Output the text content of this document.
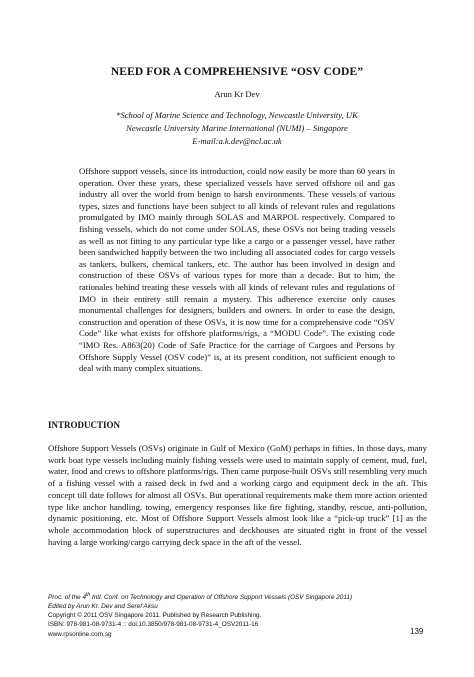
NEED FOR A COMPREHENSIVE “OSV CODE”
Arun Kr Dev
*School of Marine Science and Technology, Newcastle University, UK
Newcastle University Marine International (NUMI) – Singapore
E-mail:a.k.dev@ncl.ac.uk

Offshore support vessels, since its introduction, could now easily be more than 60 years in operation. Over these years, these specialized vessels have served offshore oil and gas industry all over the world from benign to harsh environments. These vessels of various types, sizes and functions have been subject to all kinds of relevant rules and regulations promulgated by IMO mainly through SOLAS and MARPOL respectively. Compared to fishing vessels, which do not come under SOLAS, these OSVs not being trading vessels as well as not fitting to any particular type like a cargo or a passenger vessel, have rather been sandwiched happily between the two including all associated codes for cargo vessels as tankers, bulkers, chemical tankers, etc. The author has been involved in design and construction of these OSVs of various types for more than a decade. But to him, the rationales behind treating these vessels with all kinds of relevant rules and regulations of IMO in their entirety still remain a mystery. This adherence exercise only causes monumental challenges for designers, builders and owners. In order to ease the design, construction and operation of these OSVs, it is now time for a comprehensive code “OSV Code” like what exists for offshore platforms/rigs, a “MODU Code”. The existing code “IMO Res. A863(20) Code of Safe Practice for the carriage of Cargoes and Persons by Offshore Supply Vessel (OSV code)” is, at its present condition, not sufficient enough to deal with many complex situations.

INTRODUCTION

Offshore Support Vessels (OSVs) originate in Gulf of Mexico (GoM) perhaps in fifties. In those days, many work boat type vessels including mainly fishing vessels were used to maintain supply of cement, mud, fuel, water, food and crews to offshore platforms/rigs. Then came purpose-built OSVs still resembling very much of a fishing vessel with a raised deck in fwd and a working cargo and equipment deck in the aft. This concept till date follows for almost all OSVs. But operational requirements make them more action oriented type like anchor handling, towing, emergency responses like fire fighting, standby, rescue, anti-pollution, dynamic positioning, etc. Most of Offshore Support Vessels almost look like a “pick-up truck” [1] as the whole accommodation block of superstructures and deckhouses are situated right in front of the vessel having a large working/cargo carrying deck space in the aft of the vessel.

Proc. of the 4th Intl. Conf. on Technology and Operation of Offshore Support Vessels (OSV Singapore 2011)
Edited by Arun Kr. Dev and Seref Aksu
Copyright © 2011 OSV Singapore 2011. Published by Research Publishing.
ISBN: 978-981-08-9731-4 :: doi:10.3850/978-981-08-9731-4_OSV2011-16
www.rpsonline.com.sg	139
